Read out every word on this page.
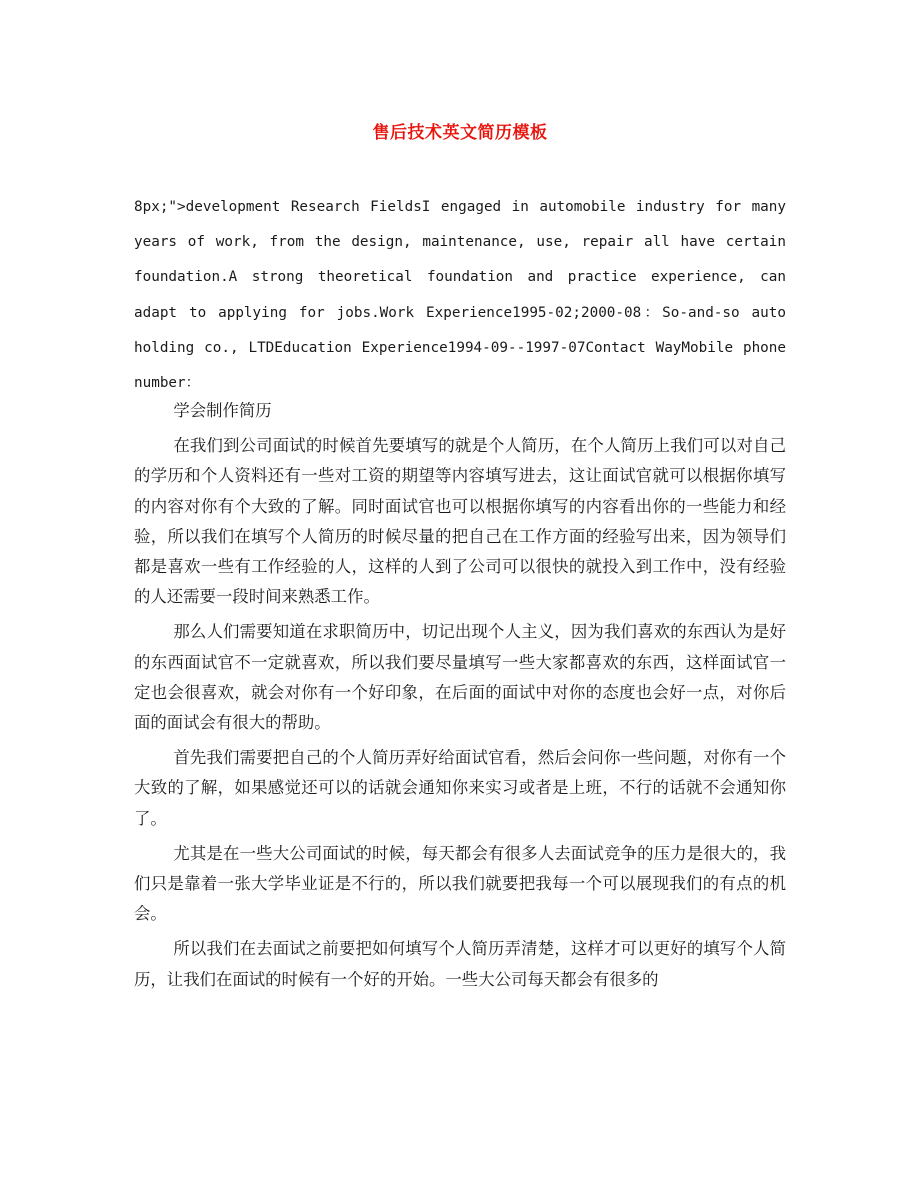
售后技术英文简历模板
8px;">development Research FieldsI engaged in automobile industry for many years of work, from the design, maintenance, use, repair all have certain foundation.A strong theoretical foundation and practice experience, can adapt to applying for jobs.Work Experience1995-02;2000-08：So-and-so auto holding co., LTDEducation Experience1994-09--1997-07Contact WayMobile phone number：

学会制作简历

在我们到公司面试的时候首先要填写的就是个人简历，在个人简历上我们可以对自己的学历和个人资料还有一些对工资的期望等内容填写进去，这让面试官就可以根据你填写的内容对你有个大致的了解。同时面试官也可以根据你填写的内容看出你的一些能力和经验，所以我们在填写个人简历的时候尽量的把自己在工作方面的经验写出来，因为领导们都是喜欢一些有工作经验的人，这样的人到了公司可以很快的就投入到工作中，没有经验的人还需要一段时间来熟悉工作。

那么人们需要知道在求职简历中，切记出现个人主义，因为我们喜欢的东西认为是好的东西面试官不一定就喜欢，所以我们要尽量填写一些大家都喜欢的东西，这样面试官一定也会很喜欢，就会对你有一个好印象，在后面的面试中对你的态度也会好一点，对你后面的面试会有很大的帮助。

首先我们需要把自己的个人简历弄好给面试官看，然后会问你一些问题，对你有一个大致的了解，如果感觉还可以的话就会通知你来实习或者是上班，不行的话就不会通知你了。

尤其是在一些大公司面试的时候，每天都会有很多人去面试竞争的压力是很大的，我们只是靠着一张大学毕业证是不行的，所以我们就要把我每一个可以展现我们的有点的机会。

所以我们在去面试之前要把如何填写个人简历弄清楚，这样才可以更好的填写个人简历，让我们在面试的时候有一个好的开始。一些大公司每天都会有很多的
